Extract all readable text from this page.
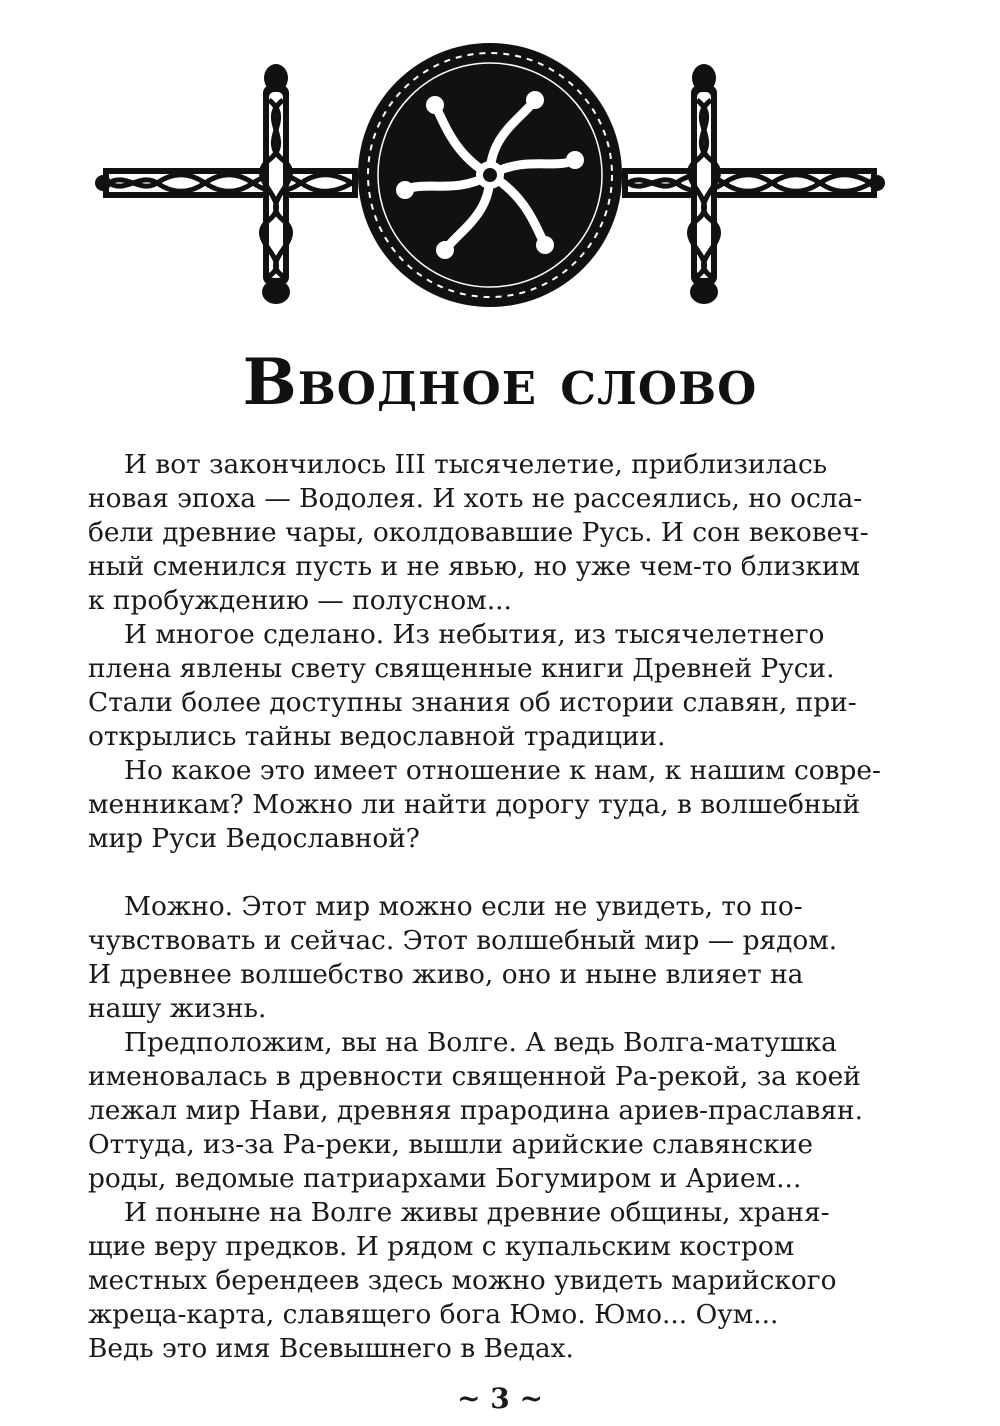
Вводное слово
И вот закончилось III тысячелетие, приблизилась
новая эпоха — Водолея. И хоть не рассеялись, но осла-
бели древние чары, околдовавшие Русь. И сон вековеч-
ный сменился пусть и не явью, но уже чем-то близким
к пробуждению — полусном...
И многое сделано. Из небытия, из тысячелетнего
плена явлены свету священные книги Древней Руси.
Стали более доступны знания об истории славян, при-
открылись тайны ведославной традиции.
Но какое это имеет отношение к нам, к нашим совре-
менникам? Можно ли найти дорогу туда, в волшебный
мир Руси Ведославной?
Можно. Этот мир можно если не увидеть, то по-
чувствовать и сейчас. Этот волшебный мир — рядом.
И древнее волшебство живо, оно и ныне влияет на
нашу жизнь.
Предположим, вы на Волге. А ведь Волга-матушка
именовалась в древности священной Ра-рекой, за коей
лежал мир Нави, древняя прародина ариев-праславян.
Оттуда, из-за Ра-реки, вышли арийские славянские
роды, ведомые патриархами Богумиром и Арием...
И поныне на Волге живы древние общины, храня-
щие веру предков. И рядом с купальским костром
местных берендеев здесь можно увидеть марийского
жреца-карта, славящего бога Юмо. Юмо... Оум...
Ведь это имя Всевышнего в Ведах.
~ 3 ~
